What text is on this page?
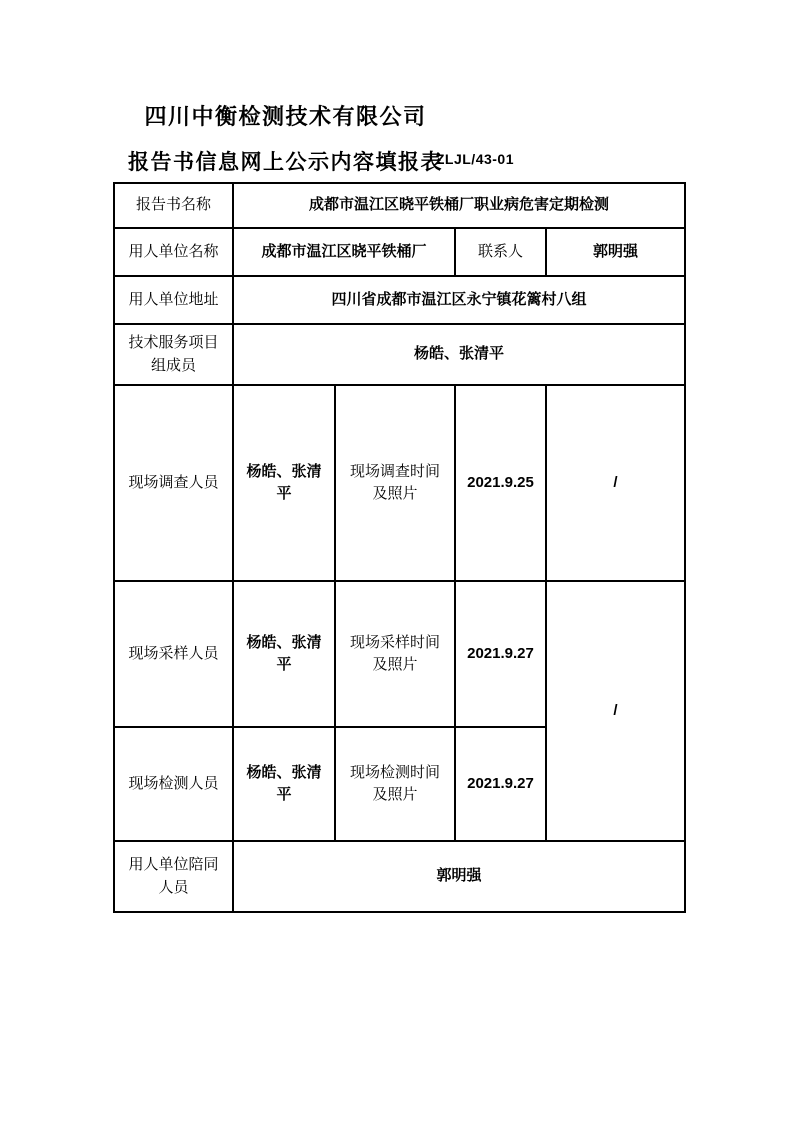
四川中衡检测技术有限公司
报告书信息网上公示内容填报表
ZLJL/43-01
报告书名称	成都市温江区晓平铁桶厂职业病危害定期检测			
用人单位名称	成都市温江区晓平铁桶厂		联系人	郭明强
用人单位地址	四川省成都市温江区永宁镇花篱村八组			
技术服务项目组成员	杨皓、张清平			
现场调查人员	杨皓、张清平	现场调查时间及照片	2021.9.25	/
现场采样人员	杨皓、张清平	现场采样时间及照片	2021.9.27	/
现场检测人员	杨皓、张清平	现场检测时间及照片	2021.9.27	
用人单位陪同人员	郭明强			
